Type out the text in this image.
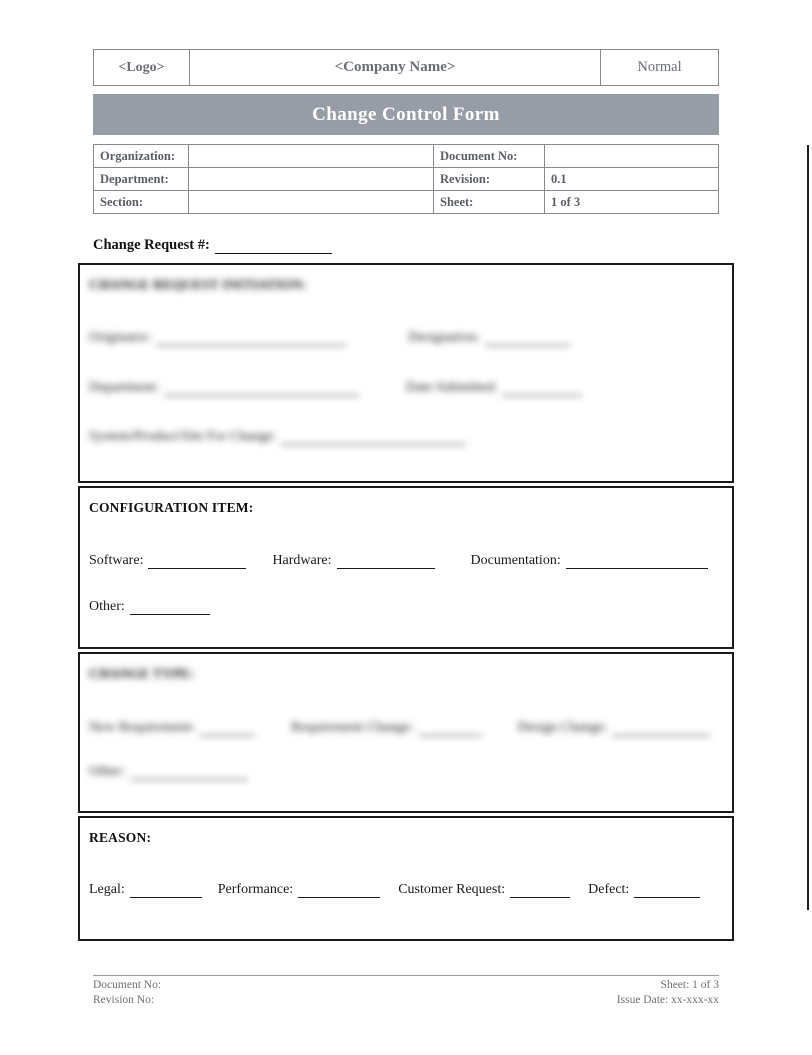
<Logo>	<Company Name>	Normal
Change Control Form
Organization:	Document No:
Department:	Revision:	0.1
Section:	Sheet:	1 of 3
Change Request #:
CHANGE REQUEST INITIATION:
Originator:	Designation:
Department:	Date Submitted:
System/Product/Site For Change:
CONFIGURATION ITEM:
Software:	Hardware:	Documentation:
Other:
CHANGE TYPE:
New Requirement:	Requirement Change:	Design Change:
Other:
REASON:
Legal:	Performance:	Customer Request:	Defect:
Document No:
Revision No:
Sheet: 1 of 3
Issue Date: xx-xxx-xx
